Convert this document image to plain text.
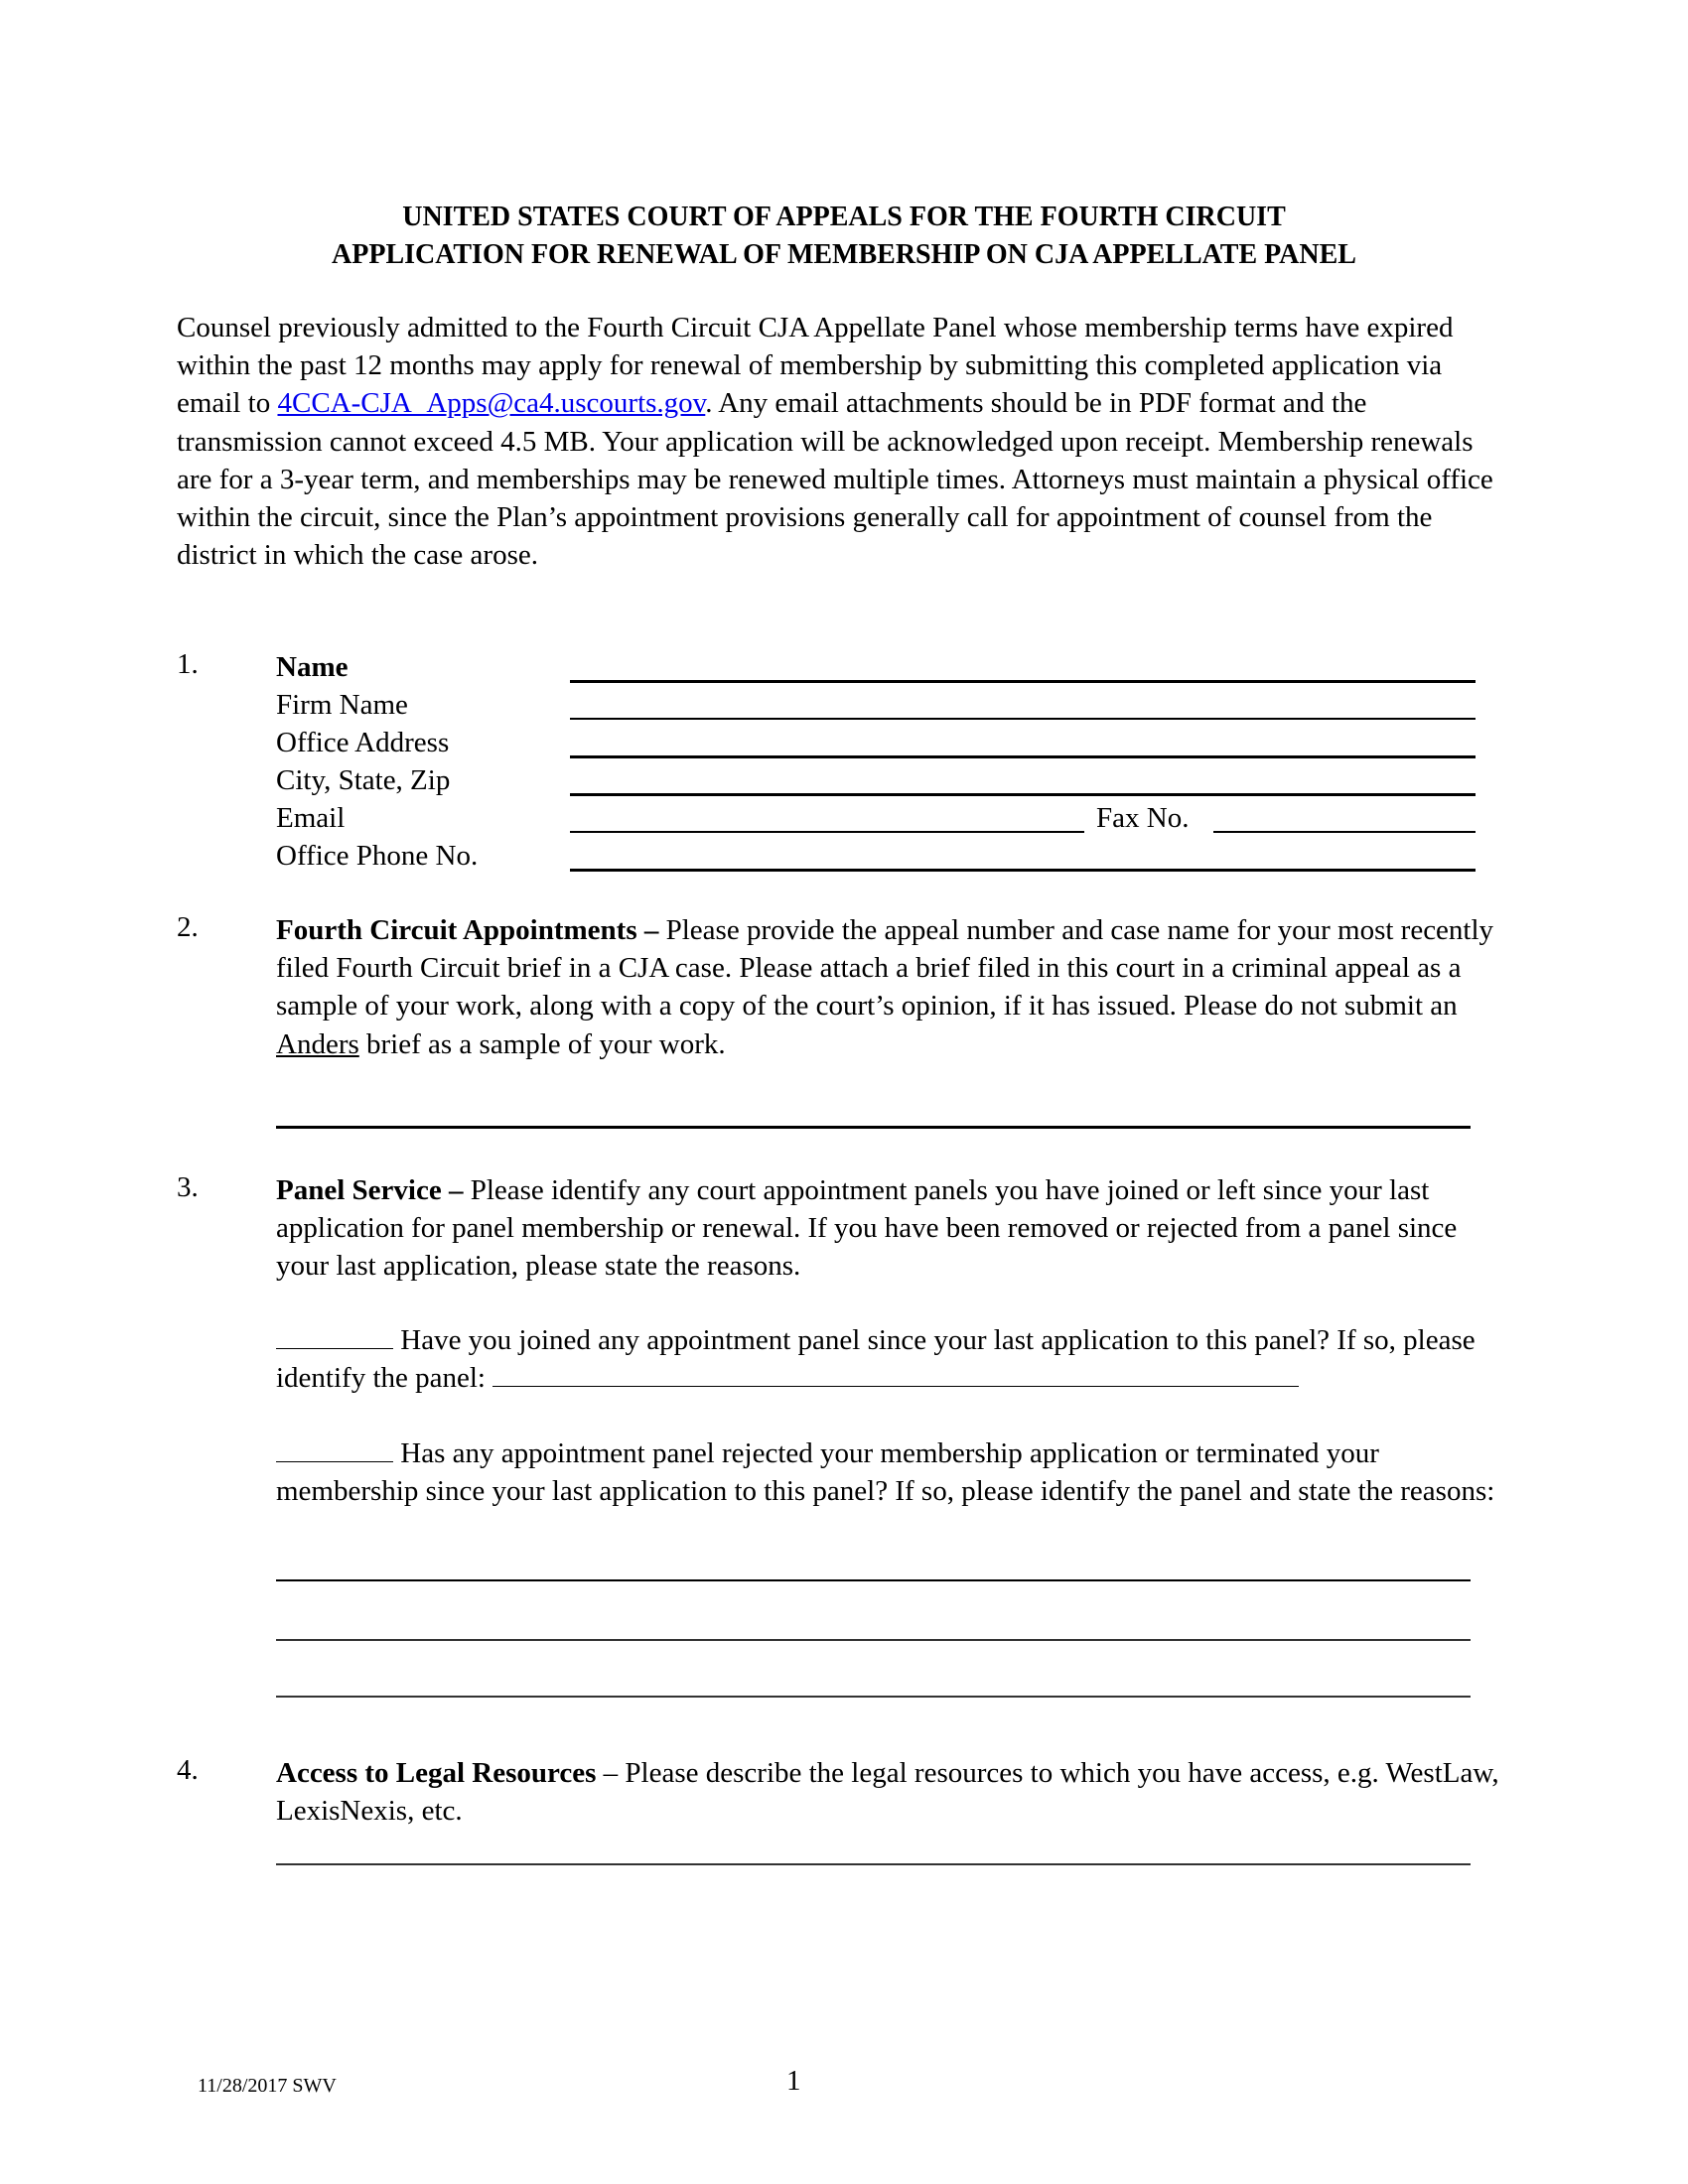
UNITED STATES COURT OF APPEALS FOR THE FOURTH CIRCUIT
APPLICATION FOR RENEWAL OF MEMBERSHIP ON CJA APPELLATE PANEL
Counsel previously admitted to the Fourth Circuit CJA Appellate Panel whose membership terms have expired within the past 12 months may apply for renewal of membership by submitting this completed application via email to 4CCA-CJA_Apps@ca4.uscourts.gov. Any email attachments should be in PDF format and the transmission cannot exceed 4.5 MB. Your application will be acknowledged upon receipt. Membership renewals are for a 3-year term, and memberships may be renewed multiple times. Attorneys must maintain a physical office within the circuit, since the Plan’s appointment provisions generally call for appointment of counsel from the district in which the case arose.
1.	Name
Firm Name
Office Address
City, State, Zip
Email	Fax No.
Office Phone No.
2.	Fourth Circuit Appointments – Please provide the appeal number and case name for your most recently filed Fourth Circuit brief in a CJA case. Please attach a brief filed in this court in a criminal appeal as a sample of your work, along with a copy of the court’s opinion, if it has issued. Please do not submit an Anders brief as a sample of your work.
3.	Panel Service – Please identify any court appointment panels you have joined or left since your last application for panel membership or renewal. If you have been removed or rejected from a panel since your last application, please state the reasons.
Have you joined any appointment panel since your last application to this panel? If so, please identify the panel:
Has any appointment panel rejected your membership application or terminated your membership since your last application to this panel? If so, please identify the panel and state the reasons:
4.	Access to Legal Resources – Please describe the legal resources to which you have access, e.g. WestLaw, LexisNexis, etc.
11/28/2017 SWV	1
